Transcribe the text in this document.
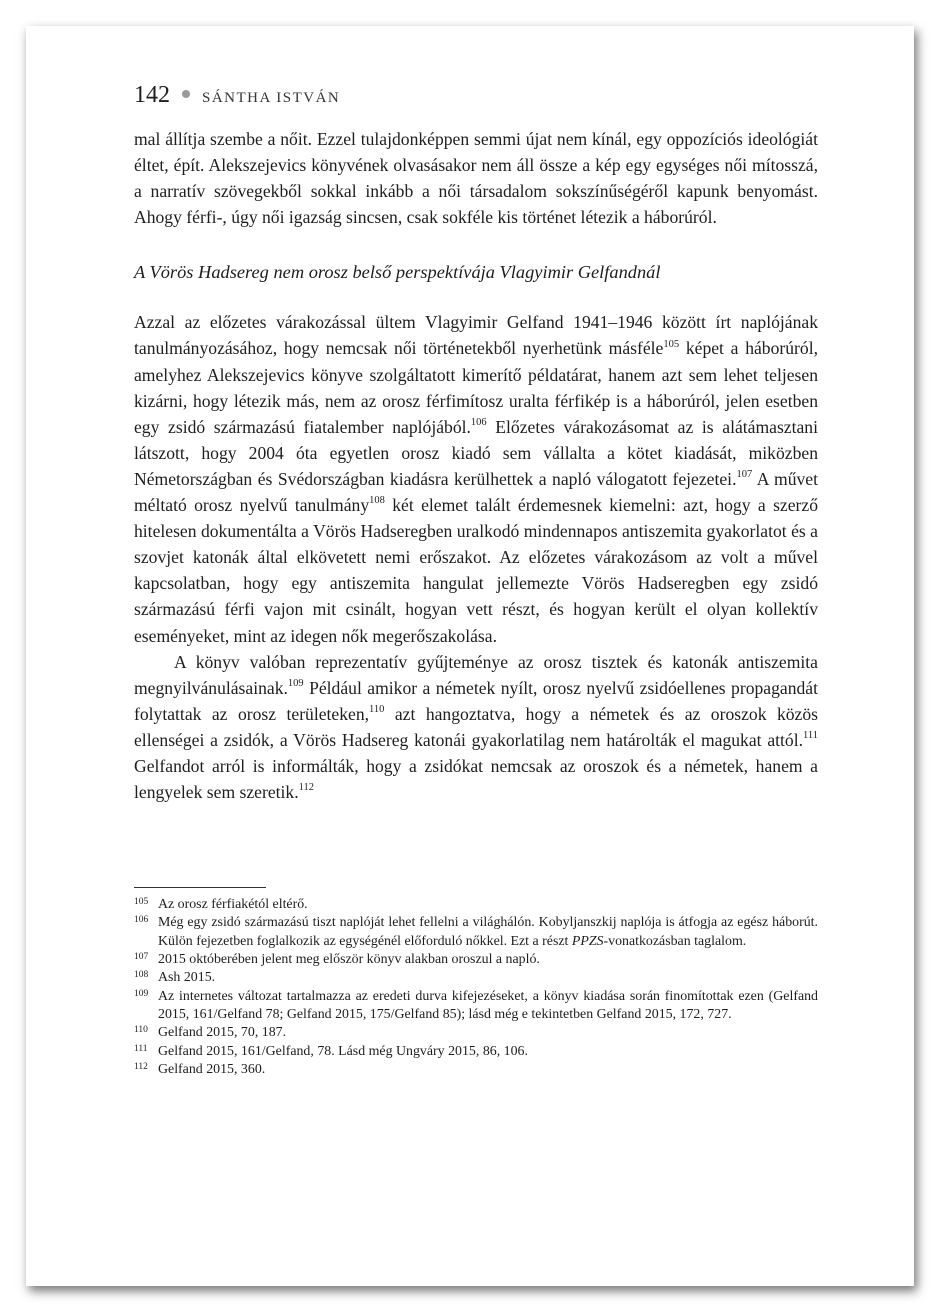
142 SÁNTHA ISTVÁN

mal állítja szembe a nőit. Ezzel tulajdonképpen semmi újat nem kínál, egy oppozíciós ideológiát éltet, épít. Alekszejevics könyvének olvasásakor nem áll össze a kép egy egységes női mítosszá, a narratív szövegekből sokkal inkább a női társadalom sokszínűségéről kapunk benyomást. Ahogy férfi-, úgy női igazság sincsen, csak sokféle kis történet létezik a háborúról.

A Vörös Hadsereg nem orosz belső perspektívája Vlagyimir Gelfandnál

Azzal az előzetes várakozással ültem Vlagyimir Gelfand 1941–1946 között írt naplójának tanulmányozásához, hogy nemcsak női történetekből nyerhetünk másféle$^{105}$ képet a háborúról, amelyhez Alekszejevics könyve szolgáltatott kimerítő példatárat, hanem azt sem lehet teljesen kizárni, hogy létezik más, nem az orosz férfimítosz uralta férfikép is a háborúról, jelen esetben egy zsidó származású fiatalember naplójából.$^{106}$ Előzetes várakozásomat az is alátámasztani látszott, hogy 2004 óta egyetlen orosz kiadó sem vállalta a kötet kiadását, miközben Németországban és Svédországban kiadásra kerülhettek a napló válogatott fejezetei.$^{107}$ A művet méltató orosz nyelvű tanulmány$^{108}$ két elemet talált érdemesnek kiemelni: azt, hogy a szerző hitelesen dokumentálta a Vörös Hadseregben uralkodó mindennapos antiszemita gyakorlatot és a szovjet katonák által elkövetett nemi erőszakot. Az előzetes várakozásom az volt a művel kapcsolatban, hogy egy antiszemita hangulat jellemezte Vörös Hadseregben egy zsidó származású férfi vajon mit csinált, hogyan vett részt, és hogyan került el olyan kollektív eseményeket, mint az idegen nők megerőszakolása.

A könyv valóban reprezentatív gyűjteménye az orosz tisztek és katonák antiszemita megnyilvánulásainak.$^{109}$ Például amikor a németek nyílt, orosz nyelvű zsidóellenes propagandát folytattak az orosz területeken,$^{110}$ azt hangoztatva, hogy a németek és az oroszok közös ellenségei a zsidók, a Vörös Hadsereg katonái gyakorlatilag nem határolták el magukat attól.$^{111}$ Gelfandot arról is informálták, hogy a zsidókat nemcsak az oroszok és a németek, hanem a lengyelek sem szeretik.$^{112}$

105 Az orosz férfiakétól eltérő.
106 Még egy zsidó származású tiszt naplóját lehet fellelni a világhálón. Kobyljanszkij naplója is átfogja az egész háborút. Külön fejezetben foglalkozik az egységénél előforduló nőkkel. Ezt a részt PPZS-vonatkozásban taglalom.
107 2015 októberében jelent meg először könyv alakban oroszul a napló.
108 Ash 2015.
109 Az internetes változat tartalmazza az eredeti durva kifejezéseket, a könyv kiadása során finomítottak ezen (Gelfand 2015, 161/Gelfand 78; Gelfand 2015, 175/Gelfand 85); lásd még e tekintetben Gelfand 2015, 172, 727.
110 Gelfand 2015, 70, 187.
111 Gelfand 2015, 161/Gelfand, 78. Lásd még Ungváry 2015, 86, 106.
112 Gelfand 2015, 360.
